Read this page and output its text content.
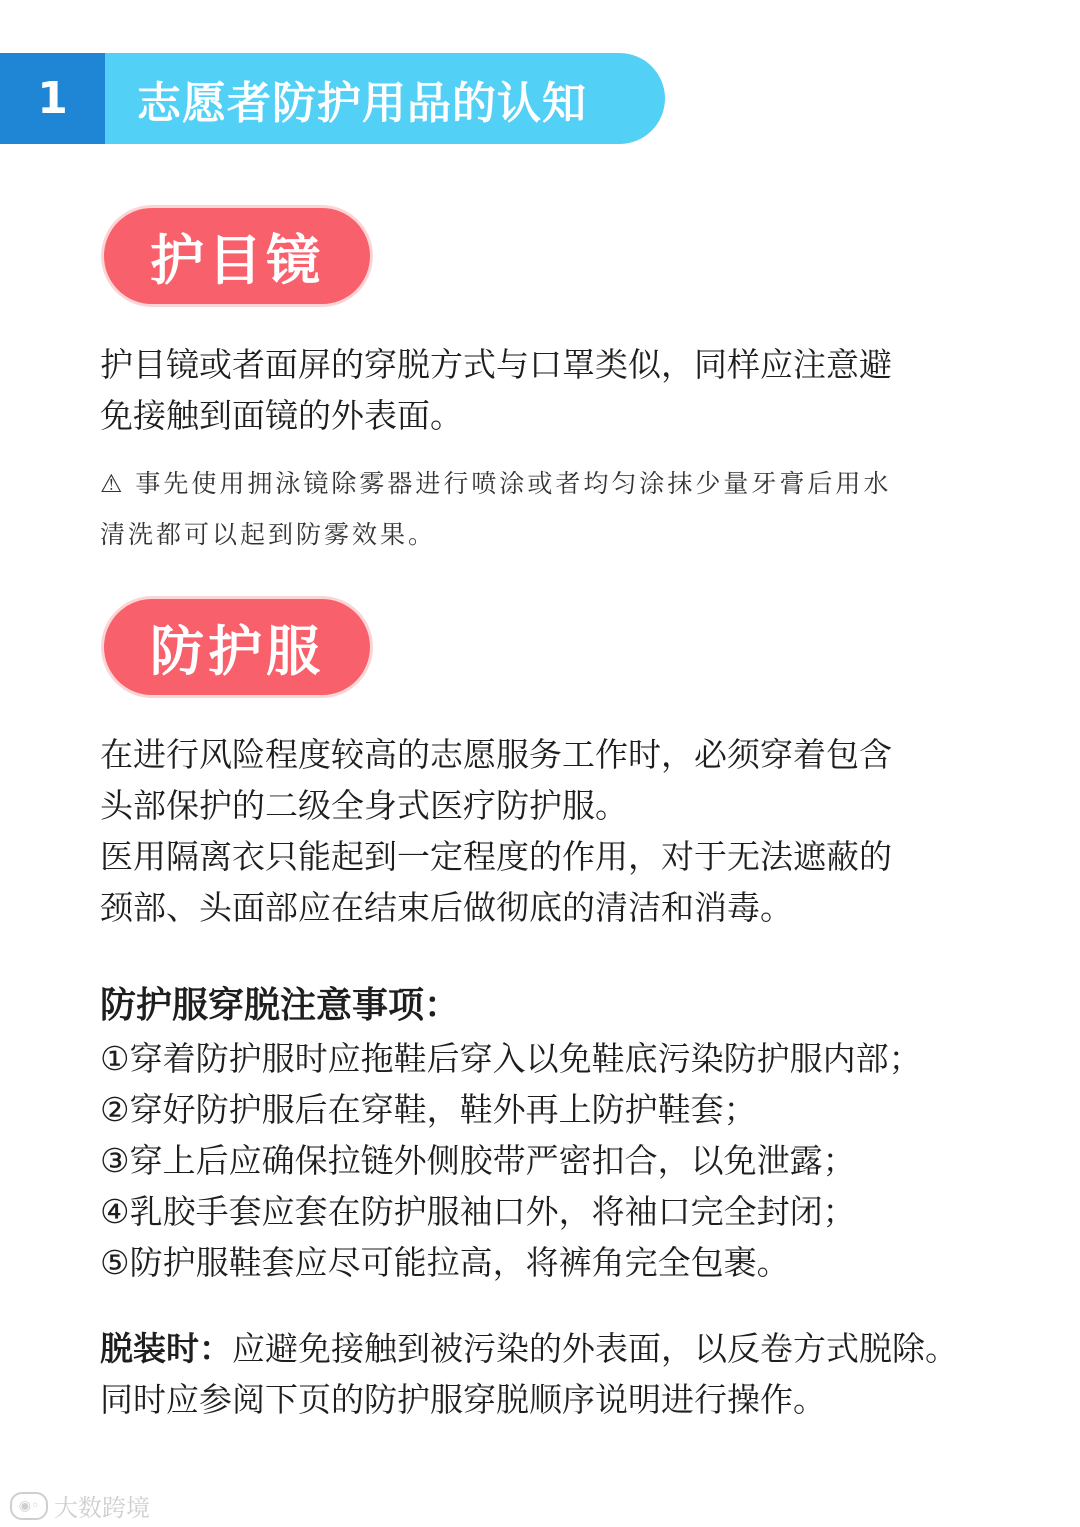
1	志愿者防护用品的认知
护目镜
护目镜或者面屏的穿脱方式与口罩类似，同样应注意避
免接触到面镜的外表面。
⚠ 事先使用拥泳镜除雾器进行喷涂或者均匀涂抹少量牙膏后用水
清洗都可以起到防雾效果。
防护服
在进行风险程度较高的志愿服务工作时，必须穿着包含
头部保护的二级全身式医疗防护服。
医用隔离衣只能起到一定程度的作用，对于无法遮蔽的
颈部、头面部应在结束后做彻底的清洁和消毒。
防护服穿脱注意事项：
①穿着防护服时应拖鞋后穿入以免鞋底污染防护服内部；
②穿好防护服后在穿鞋，鞋外再上防护鞋套；
③穿上后应确保拉链外侧胶带严密扣合，以免泄露；
④乳胶手套应套在防护服袖口外，将袖口完全封闭；
⑤防护服鞋套应尽可能拉高，将裤角完全包裹。
脱装时：应避免接触到被污染的外表面，以反卷方式脱除。
同时应参阅下页的防护服穿脱顺序说明进行操作。
◉◦ 大数跨境
